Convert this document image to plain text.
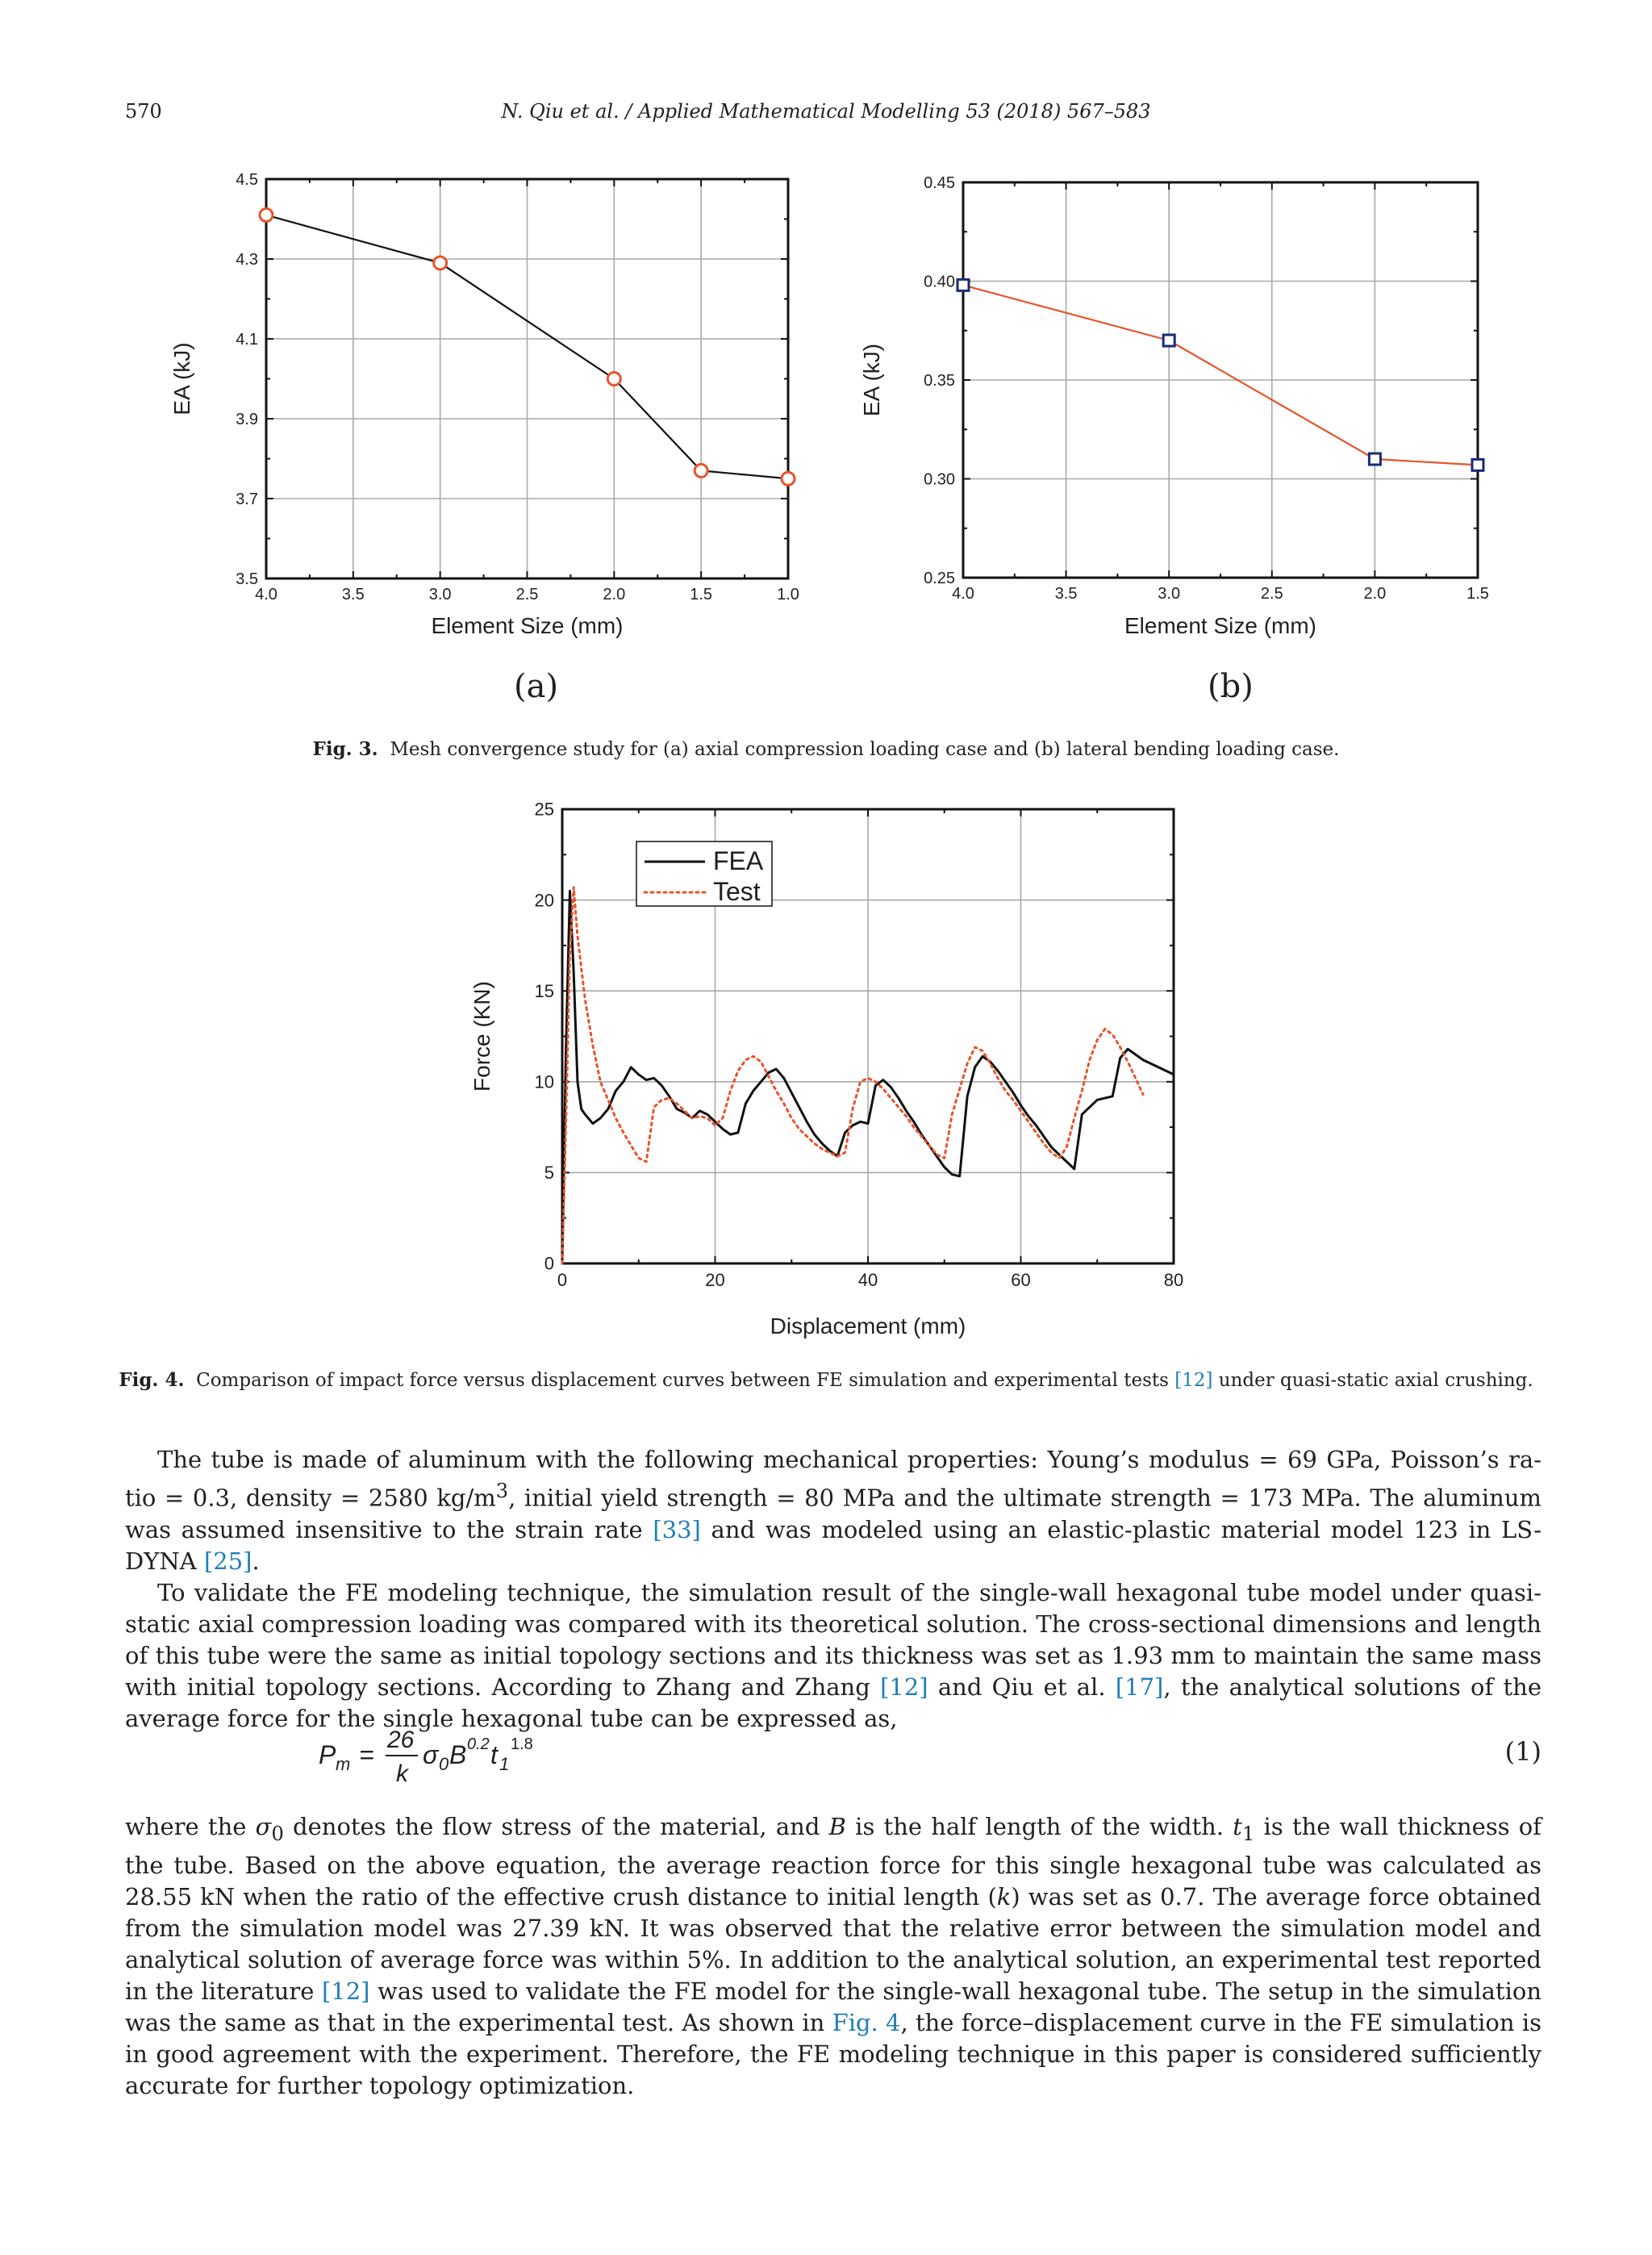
570	N. Qiu et al. / Applied Mathematical Modelling 53 (2018) 567–583
4.0	3.5	3.0	2.5	2.0	1.5	1.0
3.5
3.7
3.9
4.1
4.3
4.5
Element Size (mm)
EA (kJ)
4.0	3.5	3.0	2.5	2.0	1.5
0.25
0.30
0.35
0.40
0.45
Element Size (mm)
EA (kJ)
(a)	(b)
Fig. 3. Mesh convergence study for (a) axial compression loading case and (b) lateral bending loading case.
0	20	40	60	80
0
5
10
15
20
25
Displacement (mm)
Force (KN)
FEA
Test
Fig. 4. Comparison of impact force versus displacement curves between FE simulation and experimental tests [12] under quasi-static axial crushing.

The tube is made of aluminum with the following mechanical properties: Young’s modulus = 69 GPa, Poisson’s ra-tio = 0.3, density = 2580 $kg/m^3$, initial yield strength = 80 MPa and the ultimate strength = 173 MPa. The aluminum was assumed insensitive to the strain rate [33] and was modeled using an elastic-plastic material model 123 in LS-DYNA [25].

To validate the FE modeling technique, the simulation result of the single-wall hexagonal tube model under quasi-static axial compression loading was compared with its theoretical solution. The cross-sectional dimensions and length of this tube were the same as initial topology sections and its thickness was set as 1.93 mm to maintain the same mass with initial topology sections. According to Zhang and Zhang [12] and Qiu et al. [17], the analytical solutions of the average force for the single hexagonal tube can be expressed as,

P m =
26
k
σ 0 B 0.2 t 1
1.8	(1)

where the $\sigma_0$ denotes the flow stress of the material, and B is the half length of the width. $t_1$ is the wall thickness of the tube. Based on the above equation, the average reaction force for this single hexagonal tube was calculated as 28.55 kN when the ratio of the effective crush distance to initial length (k) was set as 0.7. The average force obtained from the simulation model was 27.39 kN. It was observed that the relative error between the simulation model and analytical solution of average force was within 5%. In addition to the analytical solution, an experimental test reported in the literature [12] was used to validate the FE model for the single-wall hexagonal tube. The setup in the simulation was the same as that in the experimental test. As shown in Fig. 4, the force–displacement curve in the FE simulation is in good agreement with the experiment. Therefore, the FE modeling technique in this paper is considered sufficiently accurate for further topology optimization.
